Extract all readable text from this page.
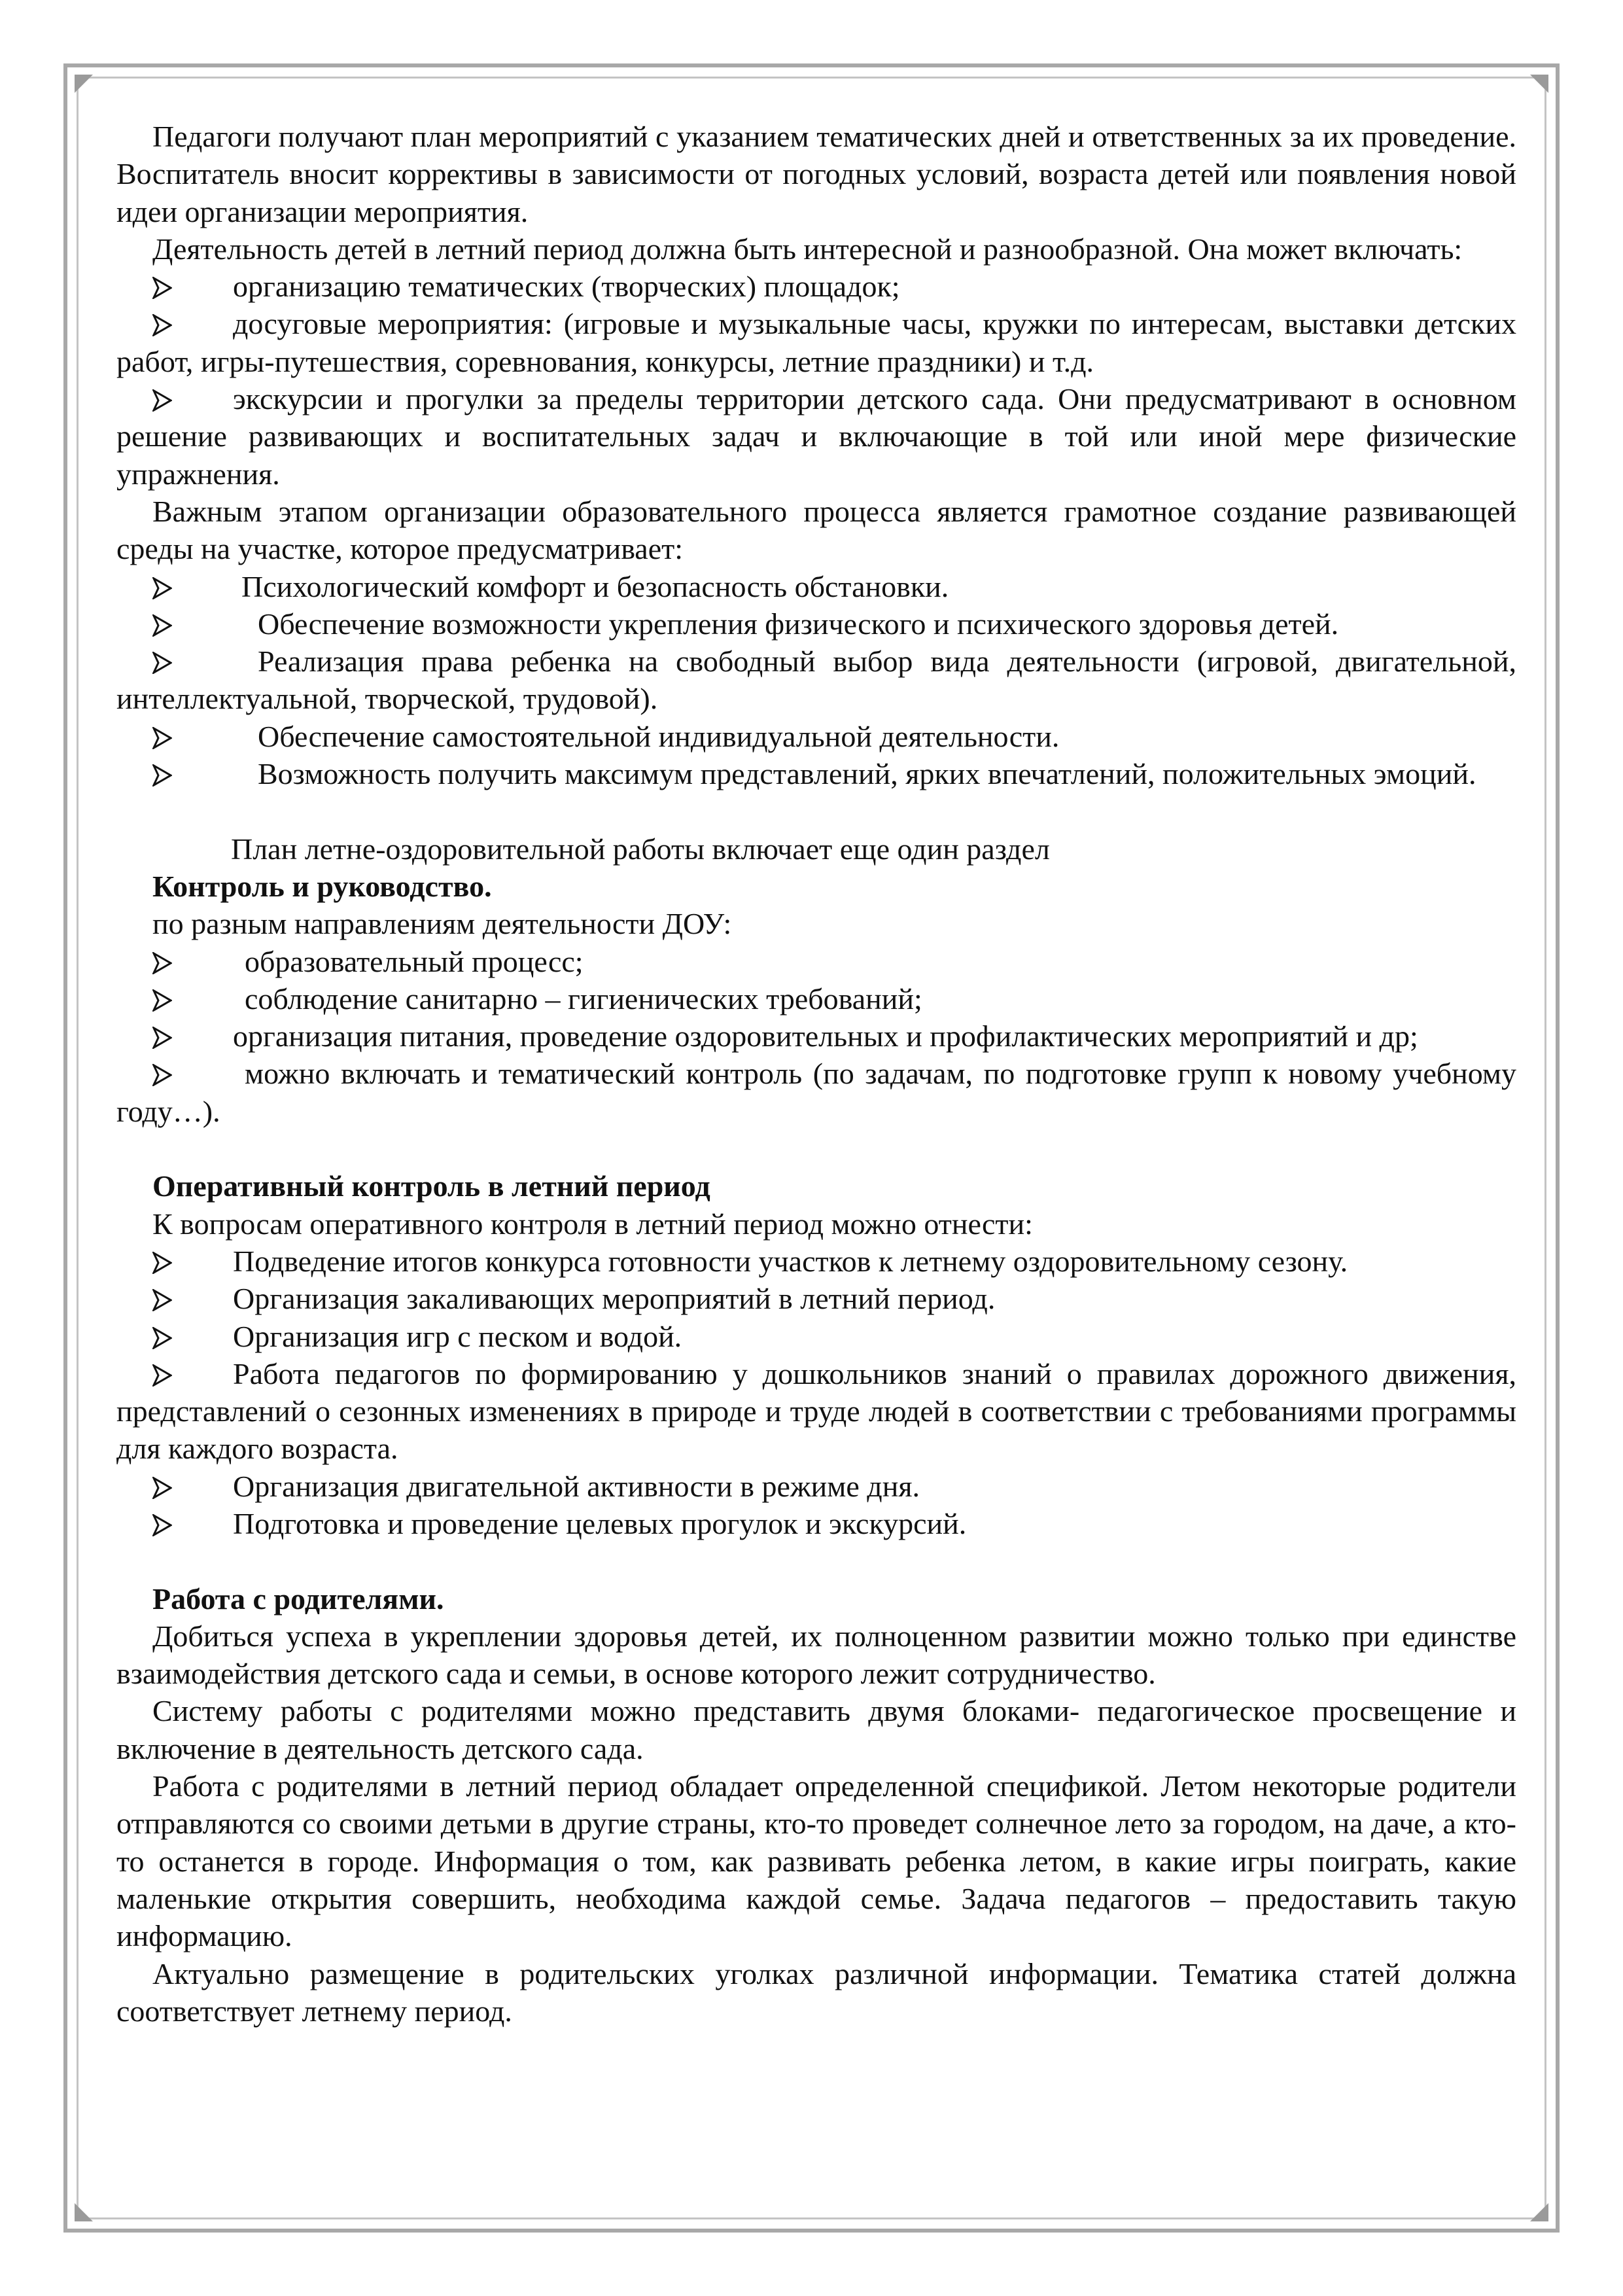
Педагоги получают план мероприятий с указанием тематических дней и ответственных за их проведение. Воспитатель вносит коррективы в зависимости от погодных условий, возраста детей или появления новой идеи организации мероприятия.

Деятельность детей в летний период должна быть интересной и разнообразной. Она может включать:

организацию тематических (творческих) площадок;

досуговые мероприятия: (игровые и музыкальные часы, кружки по интересам, выставки детских работ, игры-путешествия, соревнования, конкурсы, летние праздники) и т.д.

экскурсии и прогулки за пределы территории детского сада. Они предусматривают в основном решение развивающих и воспитательных задач и включающие в той или иной мере физические упражнения.

Важным этапом организации образовательного процесса является грамотное создание развивающей среды на участке, которое предусматривает:

Психологический комфорт и безопасность обстановки.

Обеспечение возможности укрепления физического и психического здоровья детей.

Реализация права ребенка на свободный выбор вида деятельности (игровой, двигательной, интеллектуальной, творческой, трудовой).

Обеспечение самостоятельной индивидуальной деятельности.

Возможность получить максимум представлений, ярких впечатлений, положительных эмоций.

План летне-оздоровительной работы включает еще один раздел

Контроль и руководство.

по разным направлениям деятельности ДОУ:

образовательный процесс;

соблюдение санитарно – гигиенических требований;

организация питания, проведение оздоровительных и профилактических мероприятий и др;

можно включать и тематический контроль (по задачам, по подготовке групп к новому учебному году…).

Оперативный контроль в летний период

К вопросам оперативного контроля в летний период можно отнести:

Подведение итогов конкурса готовности участков к летнему оздоровительному сезону.

Организация закаливающих мероприятий в летний период.

Организация игр с песком и водой.

Работа педагогов по формированию у дошкольников знаний о правилах дорожного движения, представлений о сезонных изменениях в природе и труде людей в соответствии с требованиями программы для каждого возраста.

Организация двигательной активности в режиме дня.

Подготовка и проведение целевых прогулок и экскурсий.

Работа с родителями.

Добиться успеха в укреплении здоровья детей, их полноценном развитии можно только при единстве взаимодействия детского сада и семьи, в основе которого лежит сотрудничество.

Систему работы с родителями можно представить двумя блоками- педагогическое просвещение и включение в деятельность детского сада.

Работа с родителями в летний период обладает определенной спецификой. Летом некоторые родители отправляются со своими детьми в другие страны, кто-то проведет солнечное лето за городом, на даче, а кто-то останется в городе. Информация о том, как развивать ребенка летом, в какие игры поиграть, какие маленькие открытия совершить, необходима каждой семье. Задача педагогов – предоставить такую информацию.

Актуально размещение в родительских уголках различной информации. Тематика статей должна соответствует летнему период.
